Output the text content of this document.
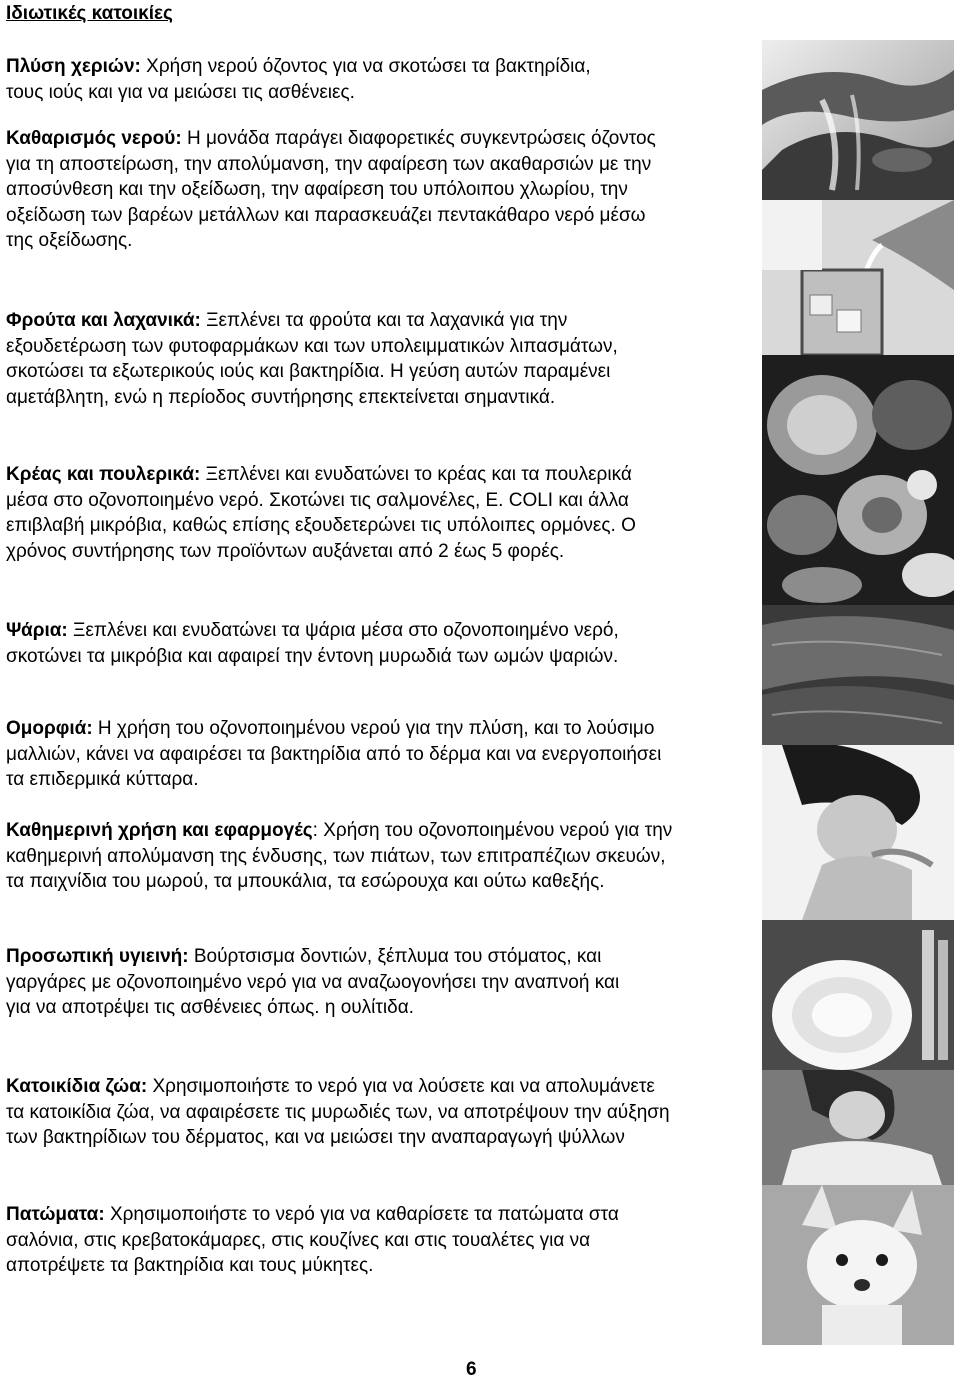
Ιδιωτικές κατοικίες

Πλύση χεριών: Χρήση νερού όζοντος για να σκοτώσει τα βακτηρίδια, τους ιούς και για να μειώσει τις ασθένειες.

Καθαρισμός νερού: Η μονάδα παράγει διαφορετικές συγκεντρώσεις όζοντος για τη αποστείρωση, την απολύμανση, την αφαίρεση των ακαθαρσιών με την αποσύνθεση και την οξείδωση, την αφαίρεση του υπόλοιπου χλωρίου, την οξείδωση των βαρέων μετάλλων και παρασκευάζει πεντακάθαρο νερό μέσω της οξείδωσης.

Φρούτα και λαχανικά: Ξεπλένει τα φρούτα και τα λαχανικά για την εξουδετέρωση των φυτοφαρμάκων και των υπολειμματικών λιπασμάτων, σκοτώσει τα εξωτερικούς ιούς και βακτηρίδια. Η γεύση αυτών παραμένει αμετάβλητη, ενώ η περίοδος συντήρησης επεκτείνεται σημαντικά.

Κρέας και πουλερικά: Ξεπλένει και ενυδατώνει το κρέας και τα πουλερικά μέσα στο οζονοποιημένο νερό. Σκοτώνει τις σαλμονέλες, Ε. COLI και άλλα επιβλαβή μικρόβια, καθώς επίσης εξουδετερώνει τις υπόλοιπες ορμόνες. Ο χρόνος συντήρησης των προϊόντων αυξάνεται από 2 έως 5 φορές.

Ψάρια: Ξεπλένει και ενυδατώνει τα ψάρια μέσα στο οζονοποιημένο νερό, σκοτώνει τα μικρόβια και αφαιρεί την έντονη μυρωδιά των ωμών ψαριών.

Ομορφιά: Η χρήση του οζονοποιημένου νερού για την πλύση, και το λούσιμο μαλλιών, κάνει να αφαιρέσει τα βακτηρίδια από το δέρμα και να ενεργοποιήσει τα επιδερμικά κύτταρα.

Καθημερινή χρήση και εφαρμογές: Χρήση του οζονοποιημένου νερού για την καθημερινή απολύμανση της ένδυσης, των πιάτων, των επιτραπέζιων σκευών, τα παιχνίδια του μωρού, τα μπουκάλια, τα εσώρουχα και ούτω καθεξής.

Προσωπική υγιεινή: Βούρτσισμα δοντιών, ξέπλυμα του στόματος, και γαργάρες με οζονοποιημένο νερό για να αναζωογονήσει την αναπνοή και για να αποτρέψει τις ασθένειες όπως. η ουλίτιδα.

Κατοικίδια ζώα: Χρησιμοποιήστε το νερό για να λούσετε και να απολυμάνετε τα κατοικίδια ζώα, να αφαιρέσετε τις μυρωδιές των, να αποτρέψουν την αύξηση των βακτηρίδιων του δέρματος, και να μειώσει την αναπαραγωγή ψύλλων

Πατώματα: Χρησιμοποιήστε το νερό για να καθαρίσετε τα πατώματα στα σαλόνια, στις κρεβατοκάμαρες, στις κουζίνες και στις τουαλέτες για να αποτρέψετε τα βακτηρίδια και τους μύκητες.

6
